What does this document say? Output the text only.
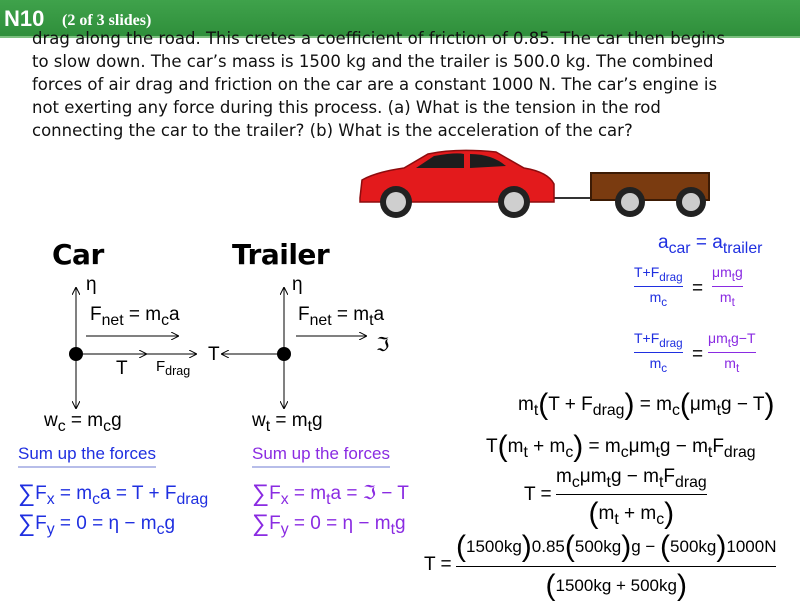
N10 (2 of 3 slides)
drag along the road. This cretes a coefficient of friction of 0.85. The car then begins to slow down. The car’s mass is 1500 kg and the trailer is 500.0 kg. The combined forces of air drag and friction on the car are a constant 1000 N. The car’s engine is not exerting any force during this process. (a) What is the tension in the rod connecting the car to the trailer? (b) What is the acceleration of the car?
Car
η
$F_{net} = m_ca$
T $F_{drag}$
$w_c = m_cg$
Sum up the forces
$\sum F_x = m_ca = T + F_{drag}$
$\sum F_y = 0 = \eta - m_cg$
Trailer
η
$F_{net} = m_ta$
ℑ
T
$w_t = m_tg$
Sum up the forces
$\sum F_x = m_ta$ = ℑ − T
$\sum F_y = 0 = \eta - m_tg$
$a_{car} = a_{trailer}$
$T+F_{drag}$
$m_c$
=
$\mu m_tg$
$m_t$
$T+F_{drag}$
$m_c$
=
$\mu m_tg-T$
$m_t$
$m_t(T + F_{drag}) = m_c(\mu m_tg - T)$
$T(m_t + m_c) = m_c\mu m_tg - m_tF_{drag}$
T =
$m_c\mu m_tg - m_tF_{drag}$
$(m_t + m_c)$
T =
(1500kg)0.85(500kg)g − (500kg)1000N
(1500kg + 500kg)
